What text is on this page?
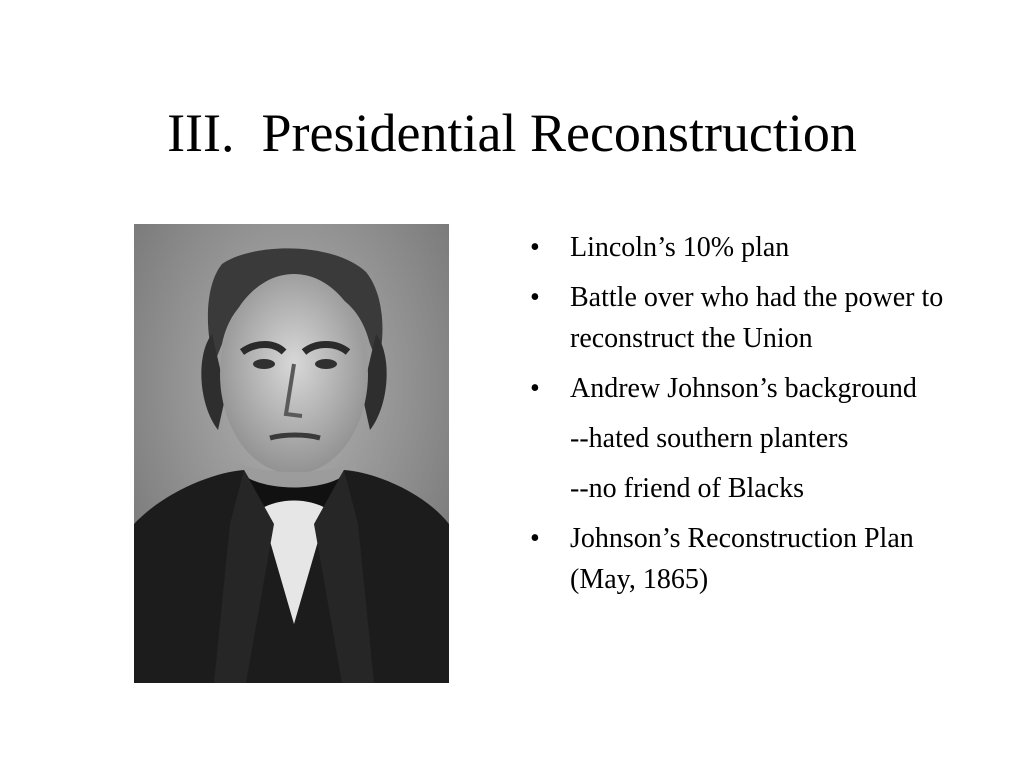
III.  Presidential Reconstruction
• Lincoln’s 10% plan
• Battle over who had the power to reconstruct the Union
• Andrew Johnson’s background
--hated southern planters
--no friend of Blacks
• Johnson’s Reconstruction Plan (May, 1865)
